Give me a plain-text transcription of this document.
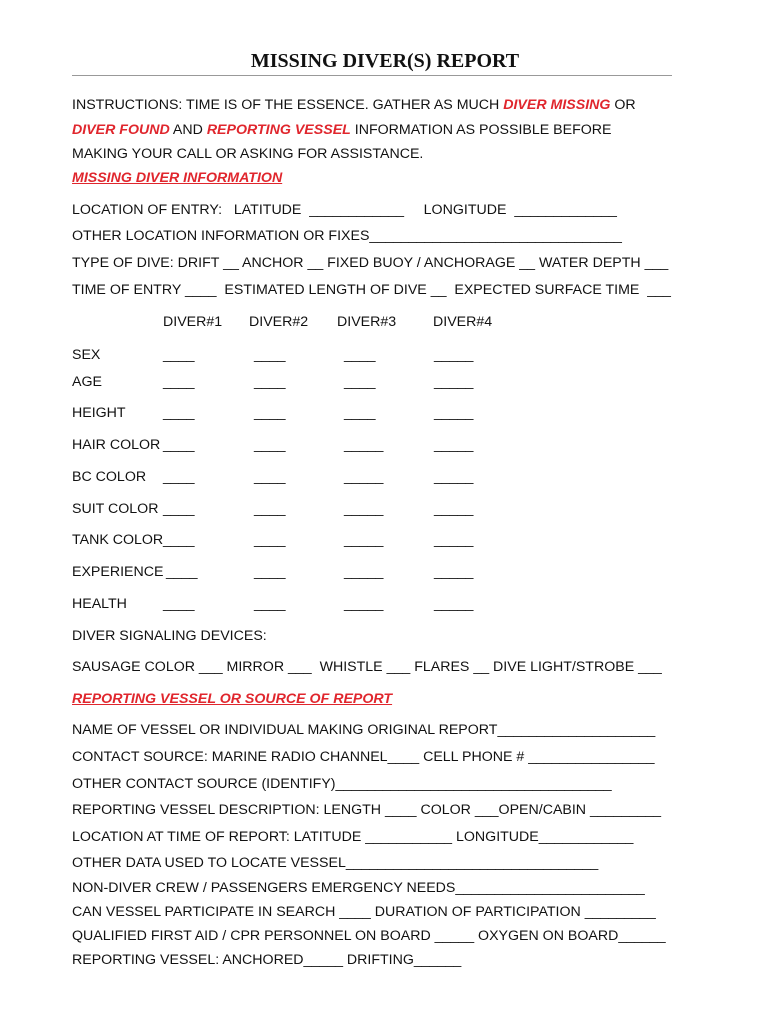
MISSING DIVER(S) REPORT
INSTRUCTIONS: TIME IS OF THE ESSENCE. GATHER AS MUCH DIVER MISSING OR
DIVER FOUND AND REPORTING VESSEL INFORMATION AS POSSIBLE BEFORE
MAKING YOUR CALL OR ASKING FOR ASSISTANCE.
MISSING DIVER INFORMATION
LOCATION OF ENTRY:   LATITUDE  ____________     LONGITUDE  _____________
OTHER LOCATION INFORMATION OR FIXES________________________________
TYPE OF DIVE: DRIFT __ ANCHOR __ FIXED BUOY / ANCHORAGE __ WATER DEPTH ___
TIME OF ENTRY ____  ESTIMATED LENGTH OF DIVE __  EXPECTED SURFACE TIME  ___
DIVER#1 DIVER#2 DIVER#3	DIVER#4
SEX	____	____	____	_____
AGE	____	____	____	_____
HEIGHT	____	____	____	_____
HAIR COLOR ____	____	_____	_____
BC COLOR ____	____	_____	_____
SUIT COLOR ____	____	_____	_____
TANK COLOR ____	____	_____	_____
EXPERIENCE ____	____	_____	_____
HEALTH	____	____	_____	_____
DIVER SIGNALING DEVICES:
SAUSAGE COLOR ___ MIRROR ___  WHISTLE ___ FLARES __ DIVE LIGHT/STROBE ___
REPORTING VESSEL OR SOURCE OF REPORT
NAME OF VESSEL OR INDIVIDUAL MAKING ORIGINAL REPORT____________________
CONTACT SOURCE: MARINE RADIO CHANNEL____ CELL PHONE # ________________
OTHER CONTACT SOURCE (IDENTIFY)___________________________________
REPORTING VESSEL DESCRIPTION: LENGTH ____ COLOR ___OPEN/CABIN _________
LOCATION AT TIME OF REPORT: LATITUDE ___________ LONGITUDE____________
OTHER DATA USED TO LOCATE VESSEL________________________________
NON-DIVER CREW / PASSENGERS EMERGENCY NEEDS________________________
CAN VESSEL PARTICIPATE IN SEARCH ____ DURATION OF PARTICIPATION _________
QUALIFIED FIRST AID / CPR PERSONNEL ON BOARD _____ OXYGEN ON BOARD______
REPORTING VESSEL: ANCHORED_____ DRIFTING______
